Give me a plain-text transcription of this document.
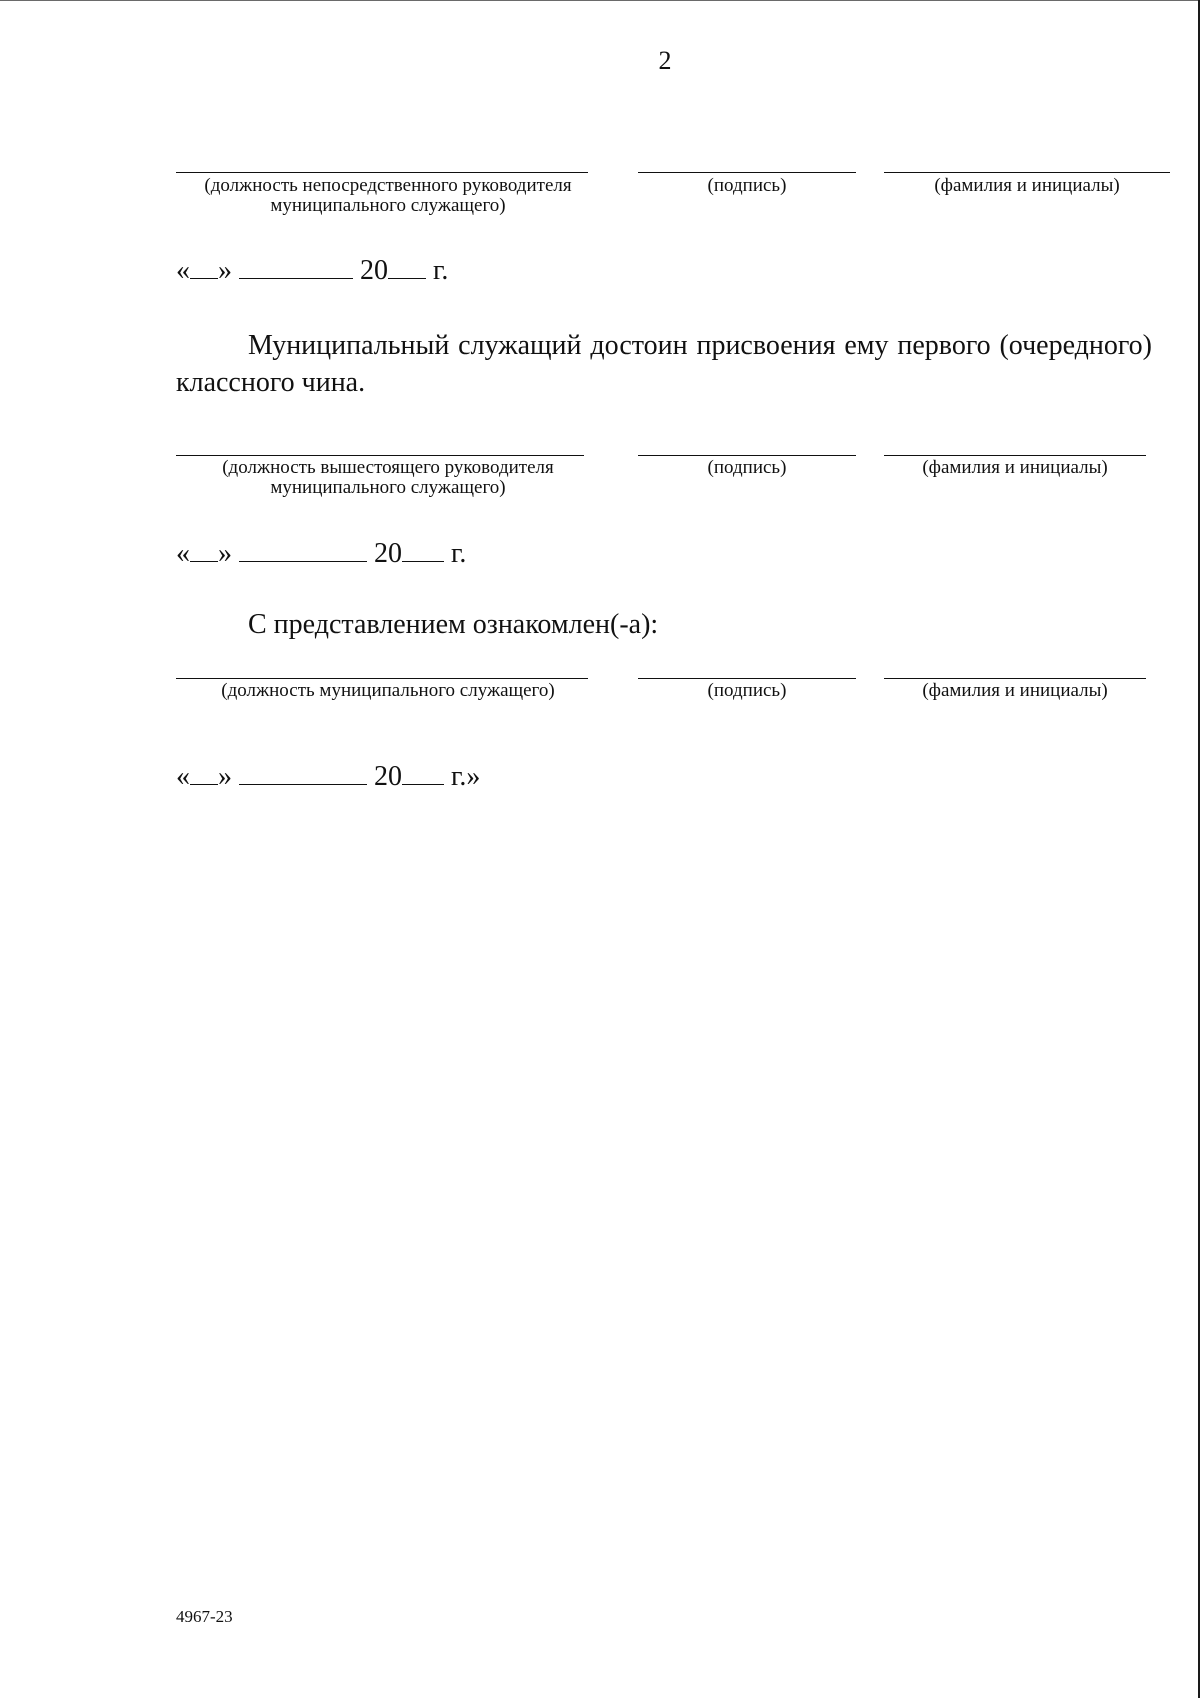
2
(должность непосредственного руководителя
муниципального служащего)
(подпись)	(фамилия и инициалы)
« »	20 г.
Муниципальный служащий достоин присвоения ему первого (очередного) классного чина.
(должность вышестоящего руководителя
муниципального служащего)
(подпись)	(фамилия и инициалы)
« »	20 г.
С представлением ознакомлен(-а):
(должность муниципального служащего)	(подпись)	(фамилия и инициалы)
« »	20 г.»
4967-23
